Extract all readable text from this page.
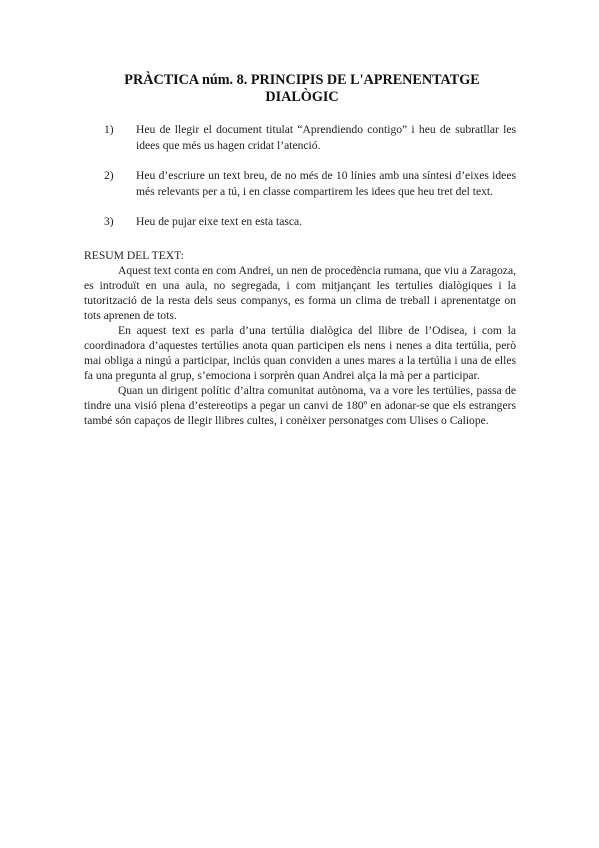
PRÀCTICA núm. 8. PRINCIPIS DE L'APRENENTATGE
DIALÒGIC
1) Heu de llegir el document titulat “Aprendiendo contigo” i heu de subratllar les idees que més us hagen cridat l’atenció.
2) Heu d’escriure un text breu, de no més de 10 línies amb una síntesi d’eixes idees més relevants per a tú, i en classe compartirem les idees que heu tret del text.
3) Heu de pujar eixe text en esta tasca.

RESUM DEL TEXT:

Aquest text conta en com Andrei, un nen de procedència rumana, que viu a Zaragoza, es introduït en una aula, no segregada, i com mitjançant les tertulies dialògiques i la tutorització de la resta dels seus companys, es forma un clima de treball i aprenentatge on tots aprenen de tots.

En aquest text es parla d’una tertúlia dialògica del llibre de l’Odisea, i com la coordinadora d’aquestes tertúlies anota quan participen els nens i nenes a dita tertúlia, però mai obliga a ningú a participar, inclús quan conviden a unes mares a la tertúlia i una de elles fa una pregunta al grup, s’emociona i sorprèn quan Andrei alça la mà per a participar.

Quan un dirigent polític d’altra comunitat autònoma, va a vore les tertúlies, passa de tindre una visió plena d’estereotips a pegar un canvi de 180º en adonar-se que els estrangers també són capaços de llegir llibres cultes, i conèixer personatges com Ulises o Caliope.
